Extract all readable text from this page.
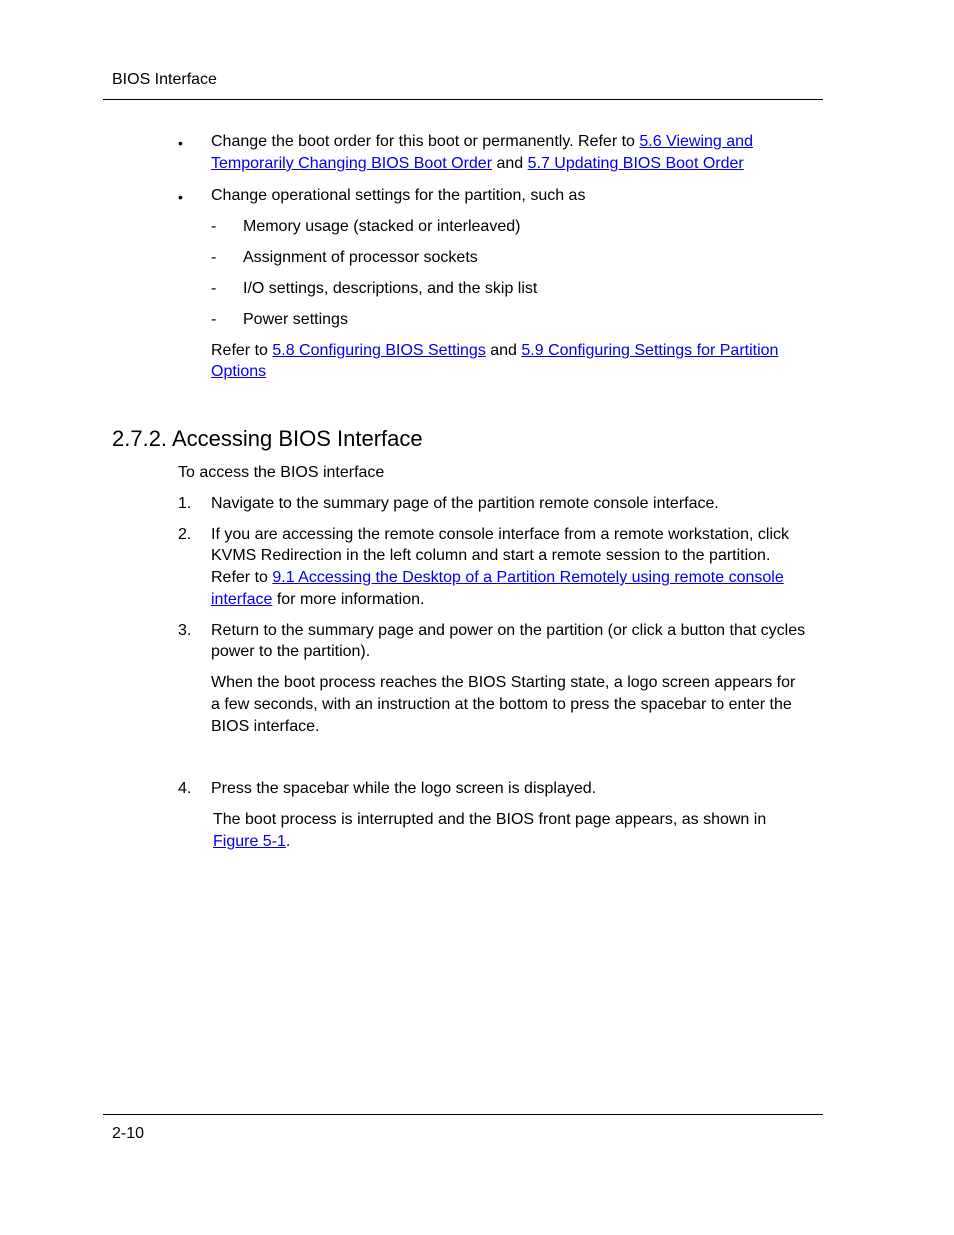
BIOS Interface
• Change the boot order for this boot or permanently. Refer to 5.6 Viewing and
Temporarily Changing BIOS Boot Order and 5.7 Updating BIOS Boot Order
• Change operational settings for the partition, such as
- Memory usage (stacked or interleaved)
- Assignment of processor sockets
- I/O settings, descriptions, and the skip list
- Power settings
Refer to 5.8 Configuring BIOS Settings and 5.9 Configuring Settings for Partition
Options
2.7.2. Accessing BIOS Interface
To access the BIOS interface
1. Navigate to the summary page of the partition remote console interface.
2. If you are accessing the remote console interface from a remote workstation, click
KVMS Redirection in the left column and start a remote session to the partition.
Refer to 9.1 Accessing the Desktop of a Partition Remotely using remote console
interface for more information.
3. Return to the summary page and power on the partition (or click a button that cycles
power to the partition).
When the boot process reaches the BIOS Starting state, a logo screen appears for
a few seconds, with an instruction at the bottom to press the spacebar to enter the
BIOS interface.
4. Press the spacebar while the logo screen is displayed.
The boot process is interrupted and the BIOS front page appears, as shown in
Figure 5-1.
2-10
